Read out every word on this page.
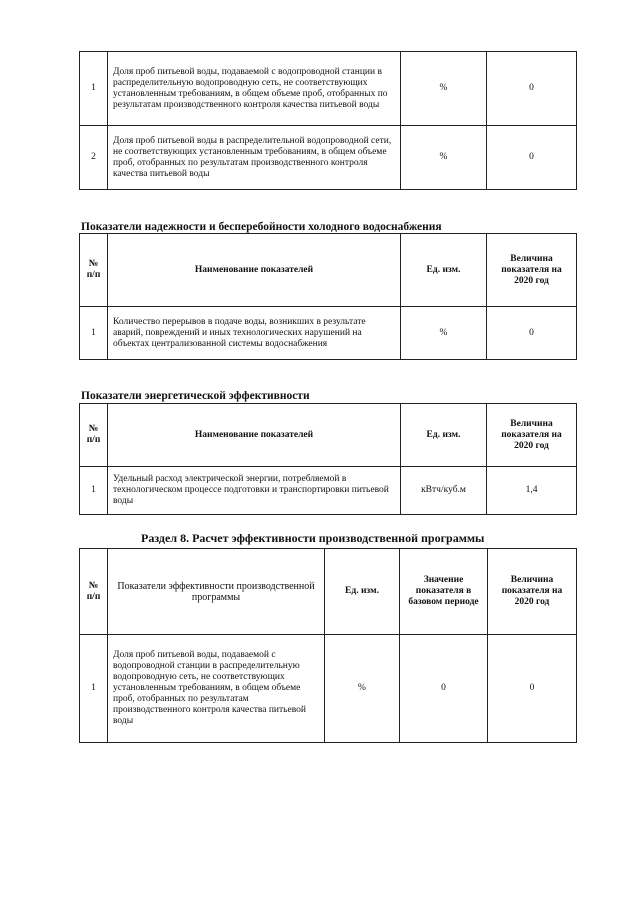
1	Доля проб питьевой воды, подаваемой с водопроводной станции в распределительную водопроводную сеть, не соответствующих установленным требованиям, в общем объеме проб, отобранных по результатам производственного контроля качества питьевой воды	%	0
2	Доля проб питьевой воды в распределительной водопроводной сети, не соответствующих установленным требованиям, в общем объеме проб, отобранных по результатам производственного контроля качества питьевой воды	%	0
Показатели надежности и бесперебойности холодного водоснабжения
№ п/п	Наименование показателей	Ед. изм.	Величина показателя на 2020 год
1	Количество перерывов в подаче воды, возникших в результате аварий, повреждений и иных технологических нарушений на объектах централизованной системы водоснабжения	%	0
Показатели энергетической эффективности
№ п/п	Наименование показателей	Ед. изм.	Величина показателя на 2020 год
1	Удельный расход электрической энергии, потребляемой в технологическом процессе подготовки и транспортировки питьевой воды	кВтч/куб.м	1,4
Раздел 8. Расчет эффективности производственной программы
№ п/п	Показатели эффективности производственной программы	Ед. изм.	Значение показателя в базовом периоде	Величина показателя на 2020 год
1	Доля проб питьевой воды, подаваемой с водопроводной станции в распределительную водопроводную сеть, не соответствующих установленным требованиям, в общем объеме проб, отобранных по результатам производственного контроля качества питьевой воды	%	0	0
